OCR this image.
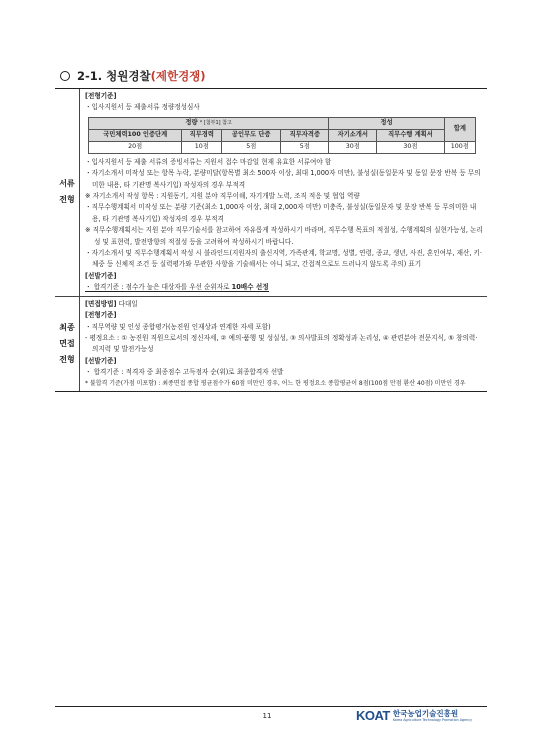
2-1. 청원경찰 (제한경쟁)
서류
전형
[전형기준]
・입사지원서 등 제출서류 정량정성심사
정량 * [첨부1] 참고				정성		합계
국민체력100 인증단계	직무경력	공인무도 단증	직무자격증	자기소개서	직무수행 계획서	
20점	10점	5점	5점	30점	30점	100점
・입사지원서 등 제출 서류의 증빙서류는 지원서 접수 마감일 현재 유효한 서류여야 함
・자기소개서 미작성 또는 항목 누락, 분량미달(항목별 최소 500자 이상, 최대 1,000자 미만), 불성실(동일문자 및 동일 문장 반복 등 무의미한 내용, 타 기관명 복사기입) 작성자의 경우 부적격
※ 자기소개서 작성 항목 : 지원동기, 지원 분야 직무이해, 자기개발 노력, 조직 적응 및 협업 역량
・직무수행계획서 미작성 또는 분량 기준(최소 1,000자 이상, 최대 2,000자 미만) 미충족, 불성실(동일문자 및 문장 반복 등 무의미한 내용, 타 기관명 복사기입) 작성자의 경우 부적격
※ 직무수행계획서는 지원 분야 직무기술서를 참고하여 자유롭게 작성하시기 바라며, 직무수행 목표의 적절성, 수행계획의 실현가능성, 논리성 및 표현력, 발전방향의 적절성 등을 고려하여 작성하시기 바랍니다.
・자기소개서 및 직무수행계획서 작성 시 블라인드(지원자의 출신지역, 가족관계, 학교명, 성별, 연령, 종교, 생년, 사진, 혼인여부, 재산, 키·체중 등 신체적 조건 등 실력평가와 무관한 사항을 기술해서는 아니 되고, 간접적으로도 드러나지 않도록 주의) 표기
[선발기준]
・ 합격기준 : 점수가 높은 대상자를 우선 순위자로 10배수 선정
최종
면접
전형
[면접방법] 다대일
[전형기준]
・직무역량 및 인성 종합평가(농진원 인재상과 연계한 자세 포함)
- 평정요소 : ① 농진원 직원으로서의 정신자세, ② 예의·품행 및 성실성, ③ 의사발표의 정확성과 논리성, ④ 관련분야 전문지식, ⑤ 창의력·의지력 및 발전가능성
[선발기준]
・ 합격기준 : 적격자 중 최종점수 고득점자 순(위)로 최종합격자 선발
* 불합격 기준(가점 미포함) : 최종면접 종합 평균점수가 60점 미만인 경우, 어느 한 평정요소 종합평균이 8점(100점 만점 환산 40점) 미만인 경우
11	KOAT 한국농업기술진흥원
Korea Agriculture Technology Promotion Agency
